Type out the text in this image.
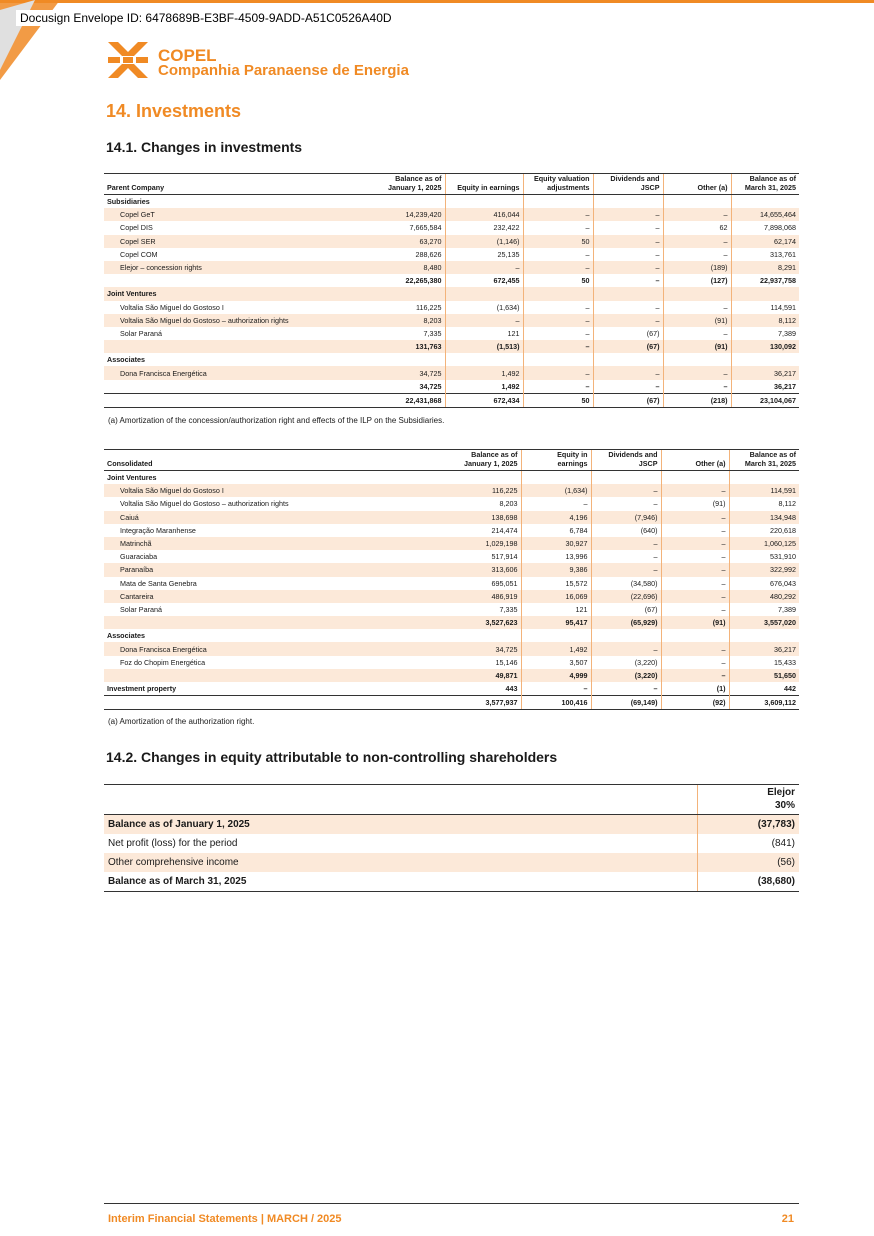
Docusign Envelope ID: 6478689B-E3BF-4509-9ADD-A51C0526A40D
COPEL
Companhia Paranaense de Energia
14. Investments
14.1. Changes in investments
Parent Company	Balance as of
January 1, 2025	Equity in earnings	Equity valuation
adjustments	Dividends and
JSCP	Other (a)	Balance as of
March 31, 2025
Subsidiaries						
Copel GeT	14,239,420	416,044	–	–	–	14,655,464
Copel DIS	7,665,584	232,422	–	–	62	7,898,068
Copel SER	63,270	(1,146)	50	–	–	62,174
Copel COM	288,626	25,135	–	–	–	313,761
Elejor – concession rights	8,480	–	–	–	(189)	8,291
	22,265,380	672,455	50	–	(127)	22,937,758
Joint Ventures						
Voltalia São Miguel do Gostoso I	116,225	(1,634)	–	–	–	114,591
Voltalia São Miguel do Gostoso – authorization rights	8,203	–	–	–	(91)	8,112
Solar Paraná	7,335	121	–	(67)	–	7,389
	131,763	(1,513)	–	(67)	(91)	130,092
Associates						
Dona Francisca Energética	34,725	1,492	–	–	–	36,217
	34,725	1,492	–	–	–	36,217
	22,431,868	672,434	50	(67)	(218)	23,104,067
(a) Amortization of the concession/authorization right and effects of the ILP on the Subsidiaries.
Consolidated	Balance as of
January 1, 2025	Equity in
earnings	Dividends and
JSCP	Other (a)	Balance as of
March 31, 2025
Joint Ventures					
Voltalia São Miguel do Gostoso I	116,225	(1,634)	–	–	114,591
Voltalia São Miguel do Gostoso – authorization rights	8,203	–	–	(91)	8,112
Caiuá	138,698	4,196	(7,946)	–	134,948
Integração Maranhense	214,474	6,784	(640)	–	220,618
Matrinchã	1,029,198	30,927	–	–	1,060,125
Guaraciaba	517,914	13,996	–	–	531,910
Paranaíba	313,606	9,386	–	–	322,992
Mata de Santa Genebra	695,051	15,572	(34,580)	–	676,043
Cantareira	486,919	16,069	(22,696)	–	480,292
Solar Paraná	7,335	121	(67)	–	7,389
	3,527,623	95,417	(65,929)	(91)	3,557,020
Associates					
Dona Francisca Energética	34,725	1,492	–	–	36,217
Foz do Chopim Energética	15,146	3,507	(3,220)	–	15,433
	49,871	4,999	(3,220)	–	51,650
Investment property	443	–	–	(1)	442
	3,577,937	100,416	(69,149)	(92)	3,609,112
(a) Amortization of the authorization right.
14.2. Changes in equity attributable to non-controlling shareholders
	Elejor
30%
Balance as of January 1, 2025	(37,783)
Net profit (loss) for the period	(841)
Other comprehensive income	(56)
Balance as of March 31, 2025	(38,680)
Interim Financial Statements | MARCH / 2025	21
